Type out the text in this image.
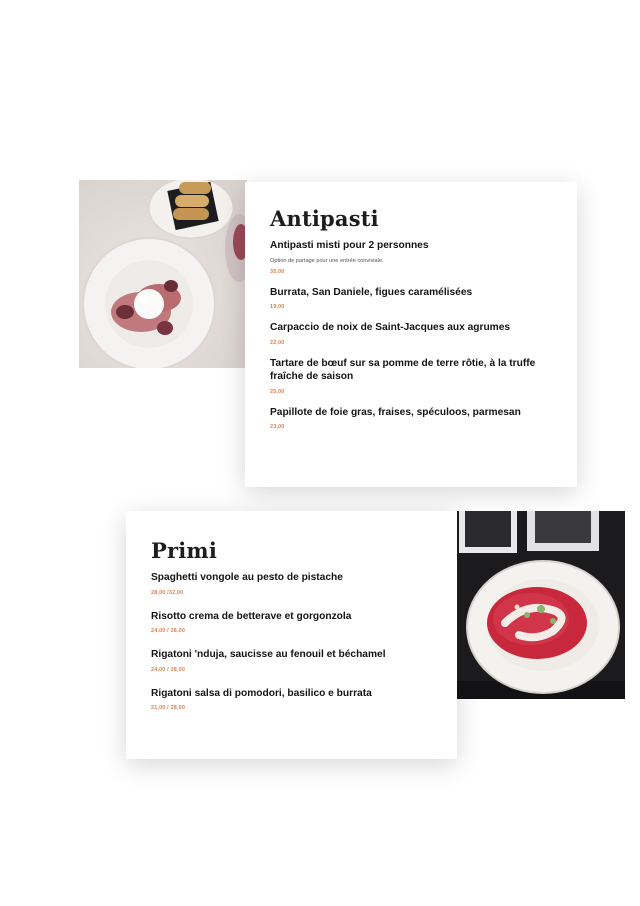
Antipasti
Antipasti misti pour 2 personnes
Option de partage pour une entrée conviviale.
35,00
Burrata, San Daniele, figues caramélisées
19,00
Carpaccio de noix de Saint-Jacques aux agrumes
22,00
Tartare de bœuf sur sa pomme de terre rôtie, à la truffe fraîche de saison
25,00
Papillote de foie gras, fraises, spéculoos, parmesan
23,00
Primi
Spaghetti vongole au pesto de pistache
28,00 /32,00
Risotto crema de betterave et gorgonzola
24,00 / 28,00
Rigatoni 'nduja, saucisse au fenouil et béchamel
24,00 / 28,00
Rigatoni salsa di pomodori, basilico e burrata
21,00 / 28,00
